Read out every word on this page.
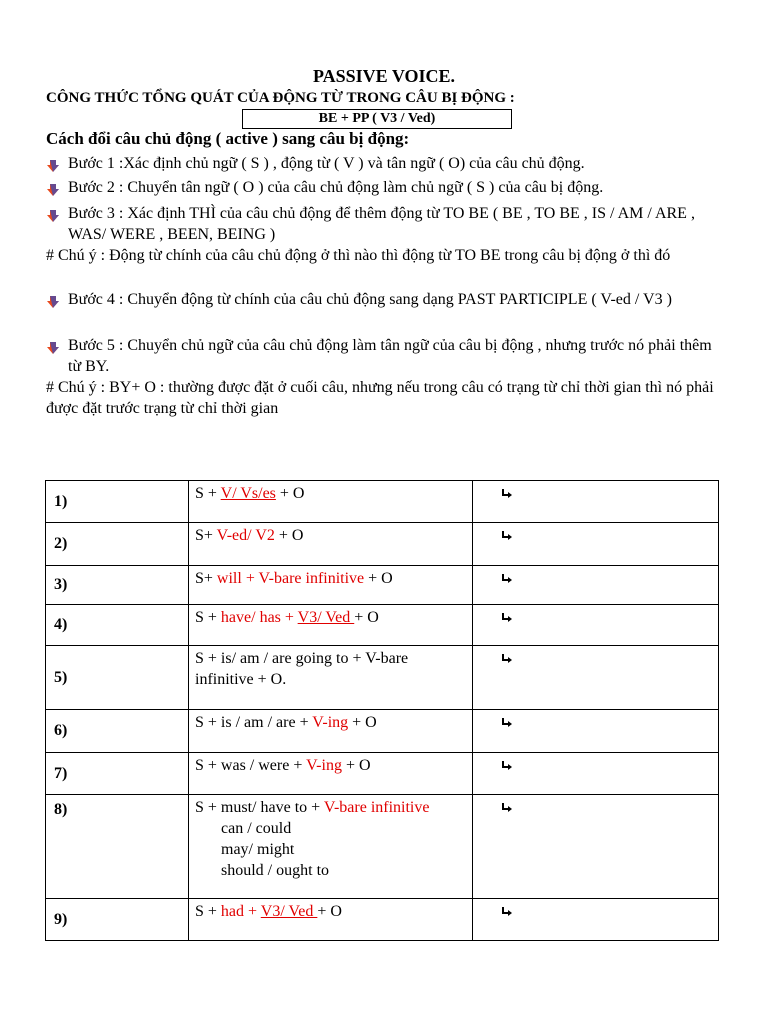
PASSIVE VOICE.
CÔNG THỨC TỔNG QUÁT CỦA ĐỘNG TỪ TRONG CÂU BỊ ĐỘNG :
BE + PP ( V3 / Ved)
Cách đổi câu chủ động ( active ) sang câu bị động:
Bước 1 :Xác định chủ ngữ ( S ) , động từ ( V ) và tân ngữ ( O) của câu chủ động.
Bước 2 : Chuyển tân ngữ ( O ) của câu chủ động làm chủ ngữ ( S ) của câu bị động.
Bước 3 : Xác định THÌ của câu chủ động để thêm động từ TO BE ( BE , TO BE , IS / AM / ARE , WAS/ WERE , BEEN, BEING )
# Chú ý : Động từ chính của câu chủ động ở thì nào thì động từ TO BE trong câu bị động ở thì đó
Bước 4 : Chuyển động từ chính của câu chủ động sang dạng PAST PARTICIPLE ( V-ed / V3 )
Bước 5 : Chuyển chủ ngữ của câu chủ động làm tân ngữ của câu bị động , nhưng trước nó phải thêm từ BY.
# Chú ý : BY+ O : thường được đặt ở cuối câu, nhưng nếu trong câu có trạng từ chỉ thời gian thì nó phải được đặt trước trạng từ chỉ thời gian
1)	S + V/ Vs/es + O	
2)	S+ V-ed/ V2 + O	
3)	S+ will + V-bare infinitive + O	
4)	S + have/ has + V3/ Ved + O	
5)	S + is/ am / are going to + V-bare infinitive + O.	
6)	S + is / am / are + V-ing + O	
7)	S + was / were + V-ing + O	
8)	S + must/ have to + V-bare infinitive
can / could
may/ might
should / ought to

9)	S + had + V3/ Ved + O	
